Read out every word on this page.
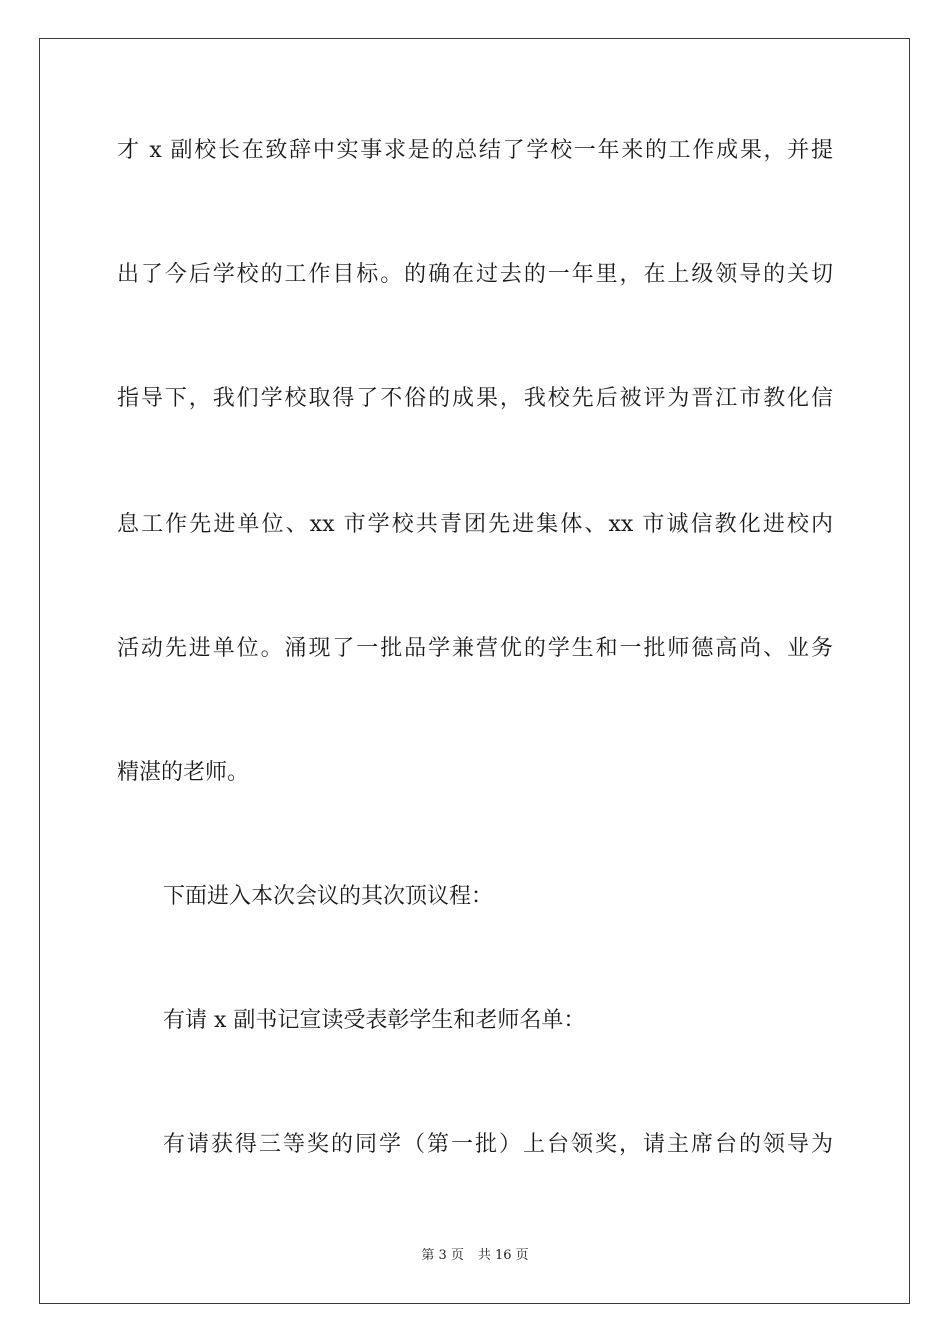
才 x 副校长在致辞中实事求是的总结了学校一年来的工作成果，并提
出了今后学校的工作目标。的确在过去的一年里，在上级领导的关切
指导下，我们学校取得了不俗的成果，我校先后被评为晋江市教化信
息工作先进单位、xx 市学校共青团先进集体、xx 市诚信教化进校内
活动先进单位。涌现了一批品学兼营优的学生和一批师德高尚、业务
精湛的老师。
下面进入本次会议的其次顶议程：
有请 x 副书记宣读受表彰学生和老师名单：
有请获得三等奖的同学（第一批）上台领奖，请主席台的领导为
第 3 页 共 16 页
